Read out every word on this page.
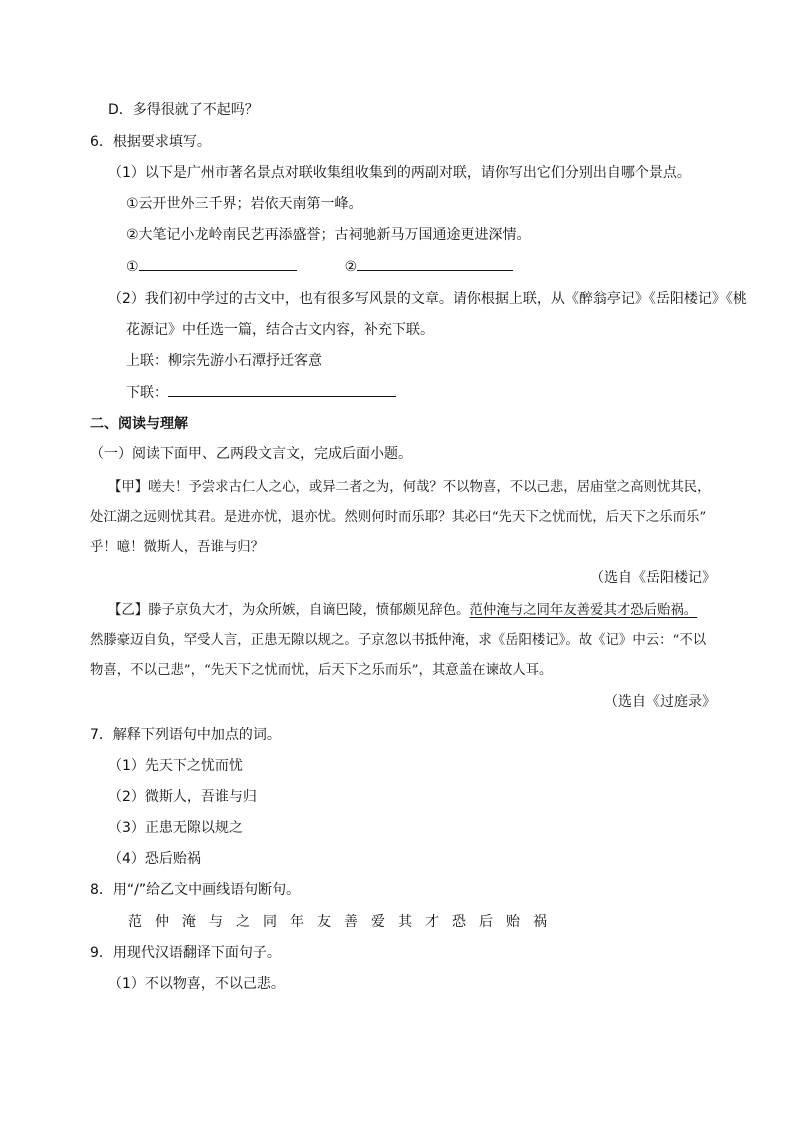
D．多得很就了不起吗？
6．根据要求填写。
（1）以下是广州市著名景点对联收集组收集到的两副对联，请你写出它们分别出自哪个景点。
①云开世外三千界；岩依天南第一峰。
②大笔记小龙岭南民艺再添盛誉；古祠驰新马万国通途更进深情。
①	②
（2）我们初中学过的古文中，也有很多写风景的文章。请你根据上联，从《醉翁亭记》《岳阳楼记》《桃
花源记》中任选一篇，结合古文内容，补充下联。
上联：柳宗先游小石潭抒迁客意
下联：
二、阅读与理解
（一）阅读下面甲、乙两段文言文，完成后面小题。
【甲】嗟夫！予尝求古仁人之心，或异二者之为，何哉？不以物喜，不以己悲，居庙堂之高则忧其民，
处江湖之远则忧其君。是进亦忧，退亦忧。然则何时而乐耶？其必曰“先天下之忧而忧，后天下之乐而乐”
乎！噫！微斯人，吾谁与归？
（选自《岳阳楼记》
【乙】滕子京负大才，为众所嫉，自谪巴陵，愤郁颇见辞色。范仲淹与之同年友善爱其才恐后贻祸。
然滕豪迈自负，罕受人言，正患无隙以规之。子京忽以书抵仲淹，求《岳阳楼记》。故《记》中云：“不以
物喜，不以己悲”，“先天下之忧而忧，后天下之乐而乐”，其意盖在谏故人耳。
（选自《过庭录》
7．解释下列语句中加点的词。
（1）先天下之忧而忧
（2）微斯人，吾谁与归
（3）正患无隙以规之
（4）恐后贻祸
8．用“/”给乙文中画线语句断句。
范 仲 淹 与 之 同 年 友 善 爱 其 才 恐 后 贻 祸
9．用现代汉语翻译下面句子。
（1）不以物喜，不以己悲。
